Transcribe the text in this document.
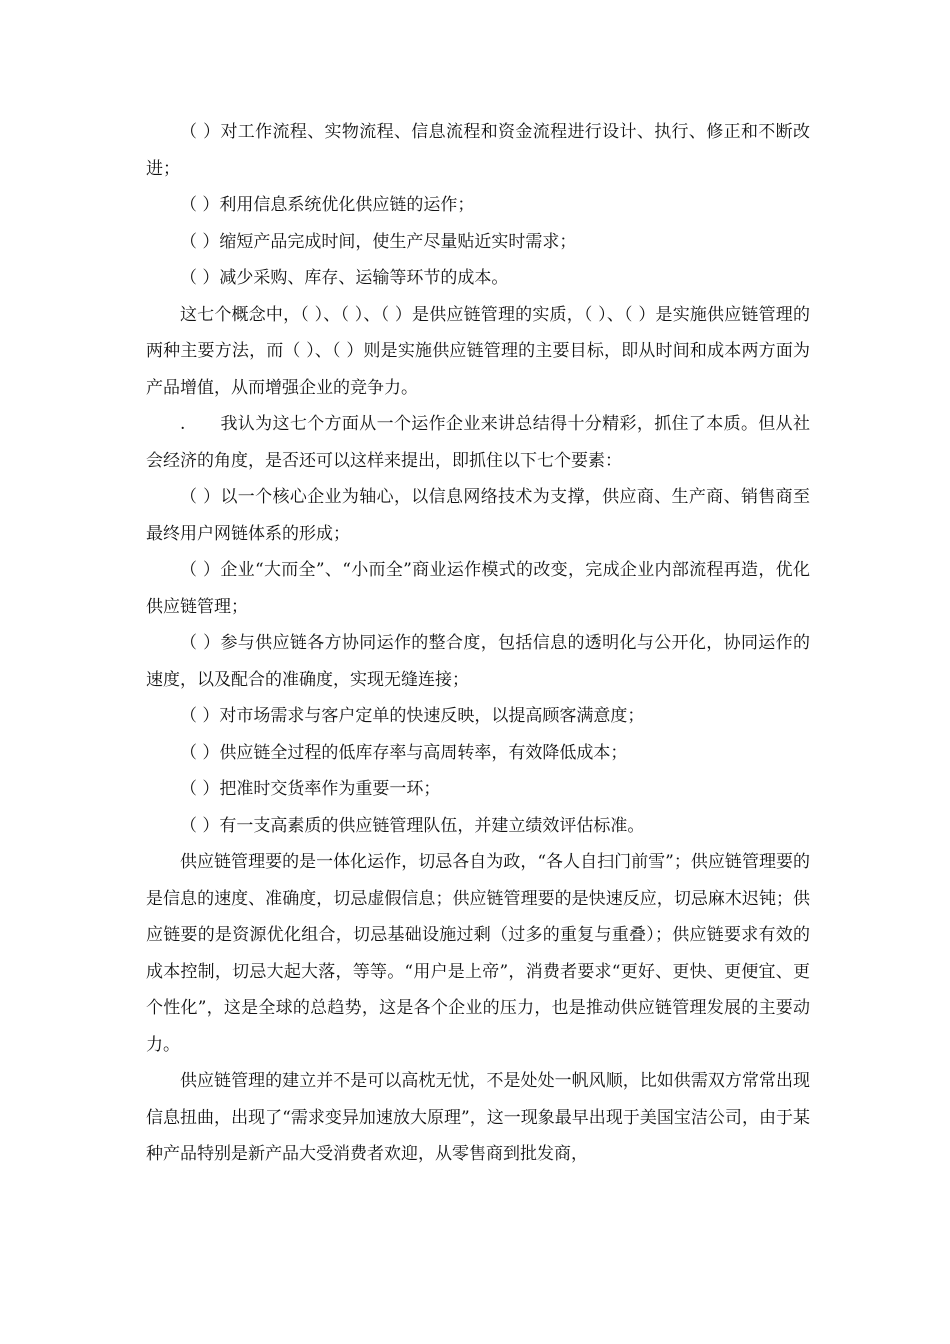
（ ）对工作流程、实物流程、信息流程和资金流程进行设计、执行、修正和不断改进；

（ ）利用信息系统优化供应链的运作；

（ ）缩短产品完成时间，使生产尽量贴近实时需求；

（ ）减少采购、库存、运输等环节的成本。

这七个概念中，（ ）、（ ）、（ ）是供应链管理的实质，（ ）、（ ）是实施供应链管理的两种主要方法，而（ ）、（ ）则是实施供应链管理的主要目标，即从时间和成本两方面为产品增值，从而增强企业的竞争力。

.　　我认为这七个方面从一个运作企业来讲总结得十分精彩，抓住了本质。但从社会经济的角度，是否还可以这样来提出，即抓住以下七个要素：

（ ）以一个核心企业为轴心，以信息网络技术为支撑，供应商、生产商、销售商至最终用户网链体系的形成；

（ ）企业“大而全”、“小而全”商业运作模式的改变，完成企业内部流程再造，优化供应链管理；

（ ）参与供应链各方协同运作的整合度，包括信息的透明化与公开化，协同运作的速度，以及配合的准确度，实现无缝连接；

（ ）对市场需求与客户定单的快速反映，以提高顾客满意度；

（ ）供应链全过程的低库存率与高周转率，有效降低成本；

（ ）把准时交货率作为重要一环；

（ ）有一支高素质的供应链管理队伍，并建立绩效评估标准。

供应链管理要的是一体化运作，切忌各自为政，“各人自扫门前雪”；供应链管理要的是信息的速度、准确度，切忌虚假信息；供应链管理要的是快速反应，切忌麻木迟钝；供应链要的是资源优化组合，切忌基础设施过剩（过多的重复与重叠）；供应链要求有效的成本控制，切忌大起大落，等等。“用户是上帝”，消费者要求“更好、更快、更便宜、更个性化”，这是全球的总趋势，这是各个企业的压力，也是推动供应链管理发展的主要动力。

供应链管理的建立并不是可以高枕无忧，不是处处一帆风顺，比如供需双方常常出现信息扭曲，出现了“需求变异加速放大原理”，这一现象最早出现于美国宝洁公司，由于某种产品特别是新产品大受消费者欢迎，从零售商到批发商，
